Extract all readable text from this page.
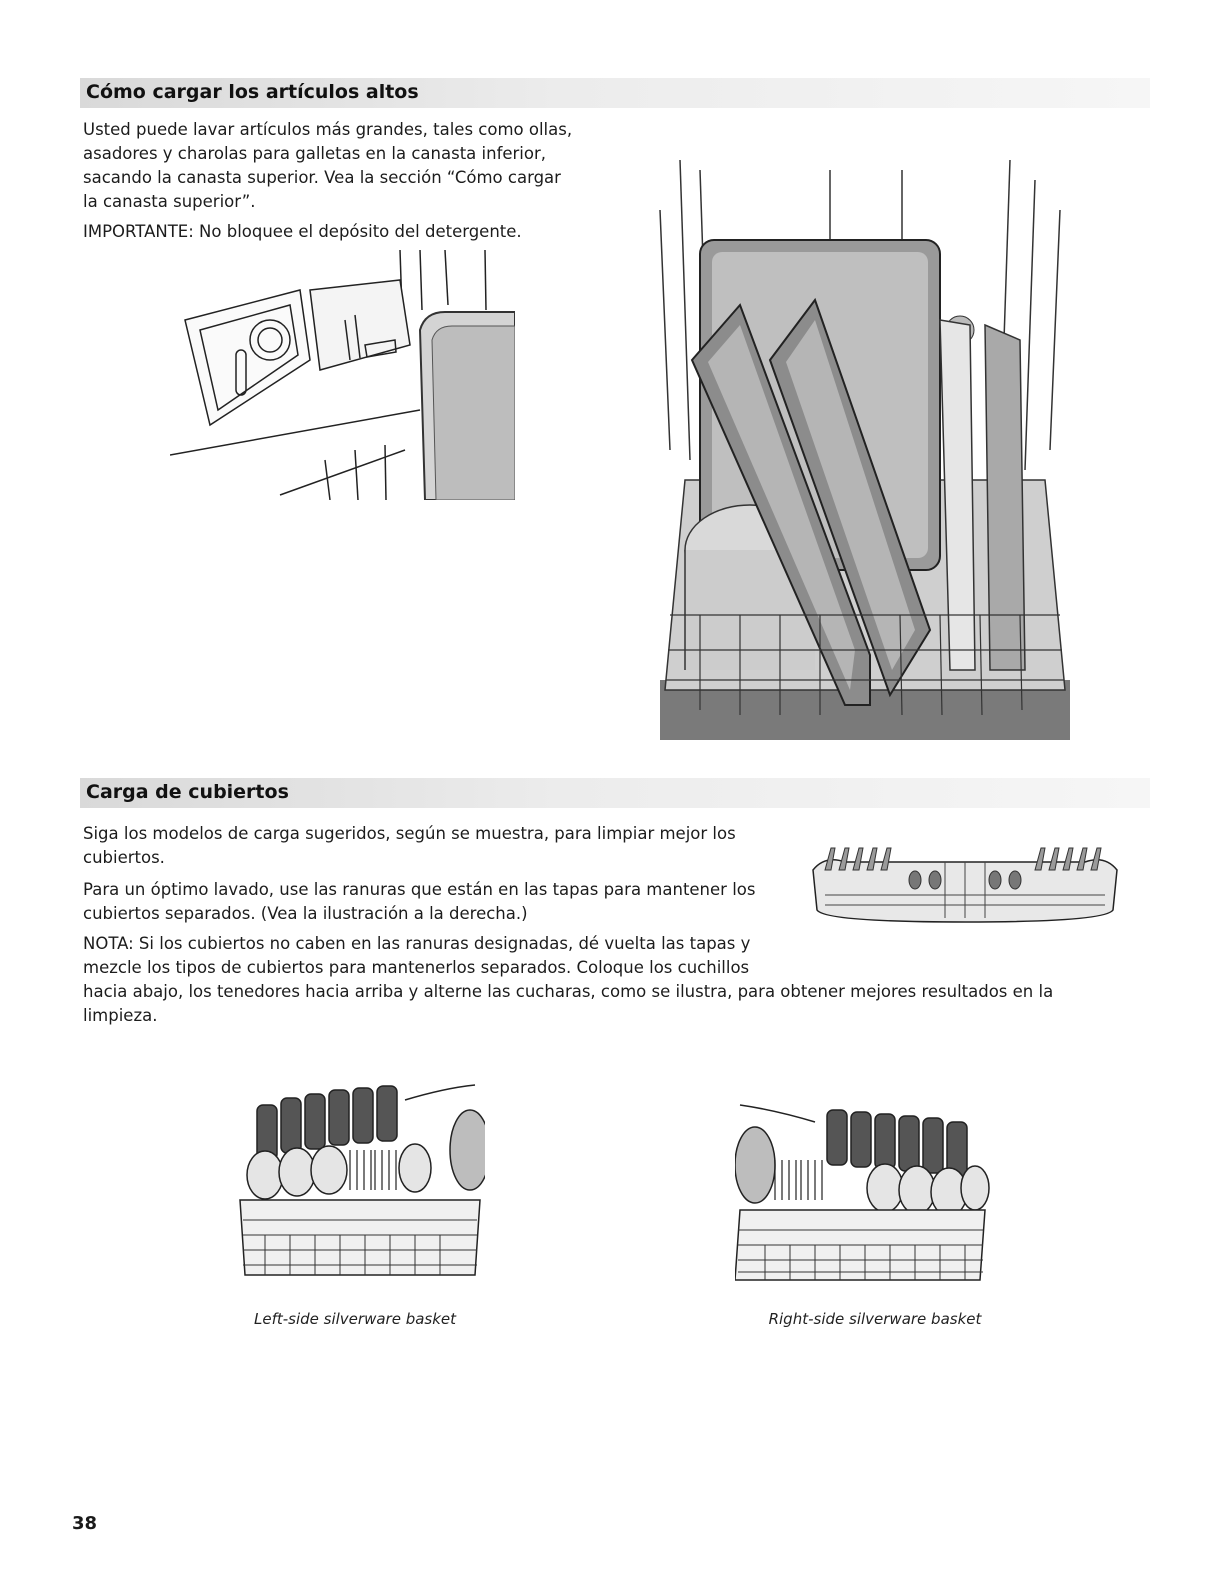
Cómo cargar los artículos altos
Usted puede lavar artículos más grandes, tales como ollas,
asadores y charolas para galletas en la canasta inferior,
sacando la canasta superior. Vea la sección “Cómo cargar
la canasta superior”.
IMPORTANTE: No bloquee el depósito del detergente.
Carga de cubiertos
Siga los modelos de carga sugeridos, según se muestra, para limpiar mejor los
cubiertos.
Para un óptimo lavado, use las ranuras que están en las tapas para mantener los
cubiertos separados. (Vea la ilustración a la derecha.)
NOTA: Si los cubiertos no caben en las ranuras designadas, dé vuelta las tapas y
mezcle los tipos de cubiertos para mantenerlos separados. Coloque los cuchillos
hacia abajo, los tenedores hacia arriba y alterne las cucharas, como se ilustra, para obtener mejores resultados en la
limpieza.
Left-side silverware basket	Right-side silverware basket
38
